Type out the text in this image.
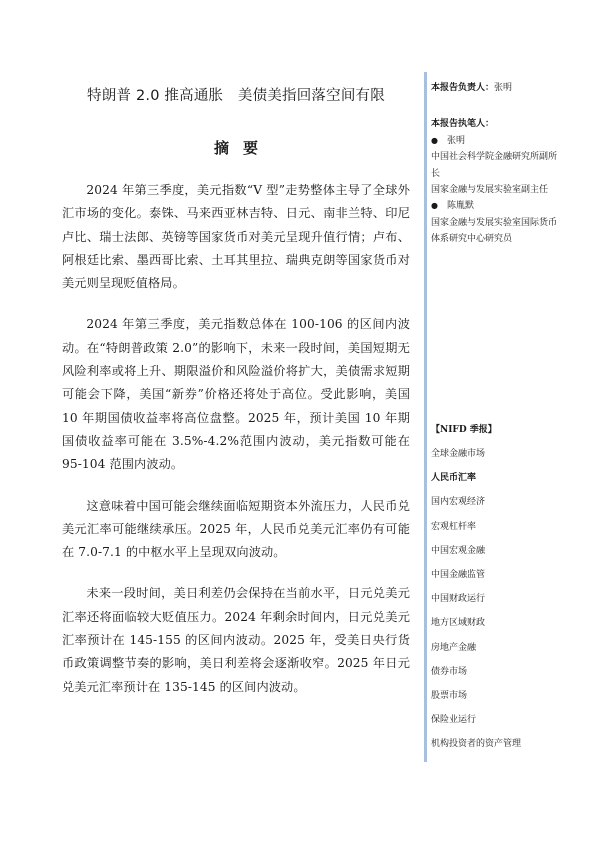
特朗普 2.0 推高通胀　美债美指回落空间有限
摘要

2024 年第三季度，美元指数“V 型”走势整体主导了全球外汇市场的变化。泰铢、马来西亚林吉特、日元、南非兰特、印尼卢比、瑞士法郎、英镑等国家货币对美元呈现升值行情；卢布、阿根廷比索、墨西哥比索、土耳其里拉、瑞典克朗等国家货币对美元则呈现贬值格局。

2024 年第三季度，美元指数总体在 100-106 的区间内波动。在“特朗普政策 2.0”的影响下，未来一段时间，美国短期无风险利率或将上升、期限溢价和风险溢价将扩大，美债需求短期可能会下降，美国“新券”价格还将处于高位。受此影响，美国 10 年期国债收益率将高位盘整。2025 年，预计美国 10 年期国债收益率可能在 3.5%-4.2%范围内波动，美元指数可能在 95-104 范围内波动。

这意味着中国可能会继续面临短期资本外流压力，人民币兑美元汇率可能继续承压。2025 年，人民币兑美元汇率仍有可能在 7.0-7.1 的中枢水平上呈现双向波动。

未来一段时间，美日利差仍会保持在当前水平，日元兑美元汇率还将面临较大贬值压力。2024 年剩余时间内，日元兑美元汇率预计在 145-155 的区间内波动。2025 年，受美日央行货币政策调整节奏的影响，美日利差将会逐渐收窄。2025 年日元兑美元汇率预计在 135-145 的区间内波动。

本报告负责人：张明

本报告执笔人：

● 张明

中国社会科学院金融研究所副所长

国家金融与发展实验室副主任

● 陈胤默

国家金融与发展实验室国际货币体系研究中心研究员

【NIFD 季报】

全球金融市场
人民币汇率
国内宏观经济
宏观杠杆率
中国宏观金融
中国金融监管
中国财政运行
地方区域财政
房地产金融
债券市场
股票市场
保险业运行
机构投资者的资产管理
